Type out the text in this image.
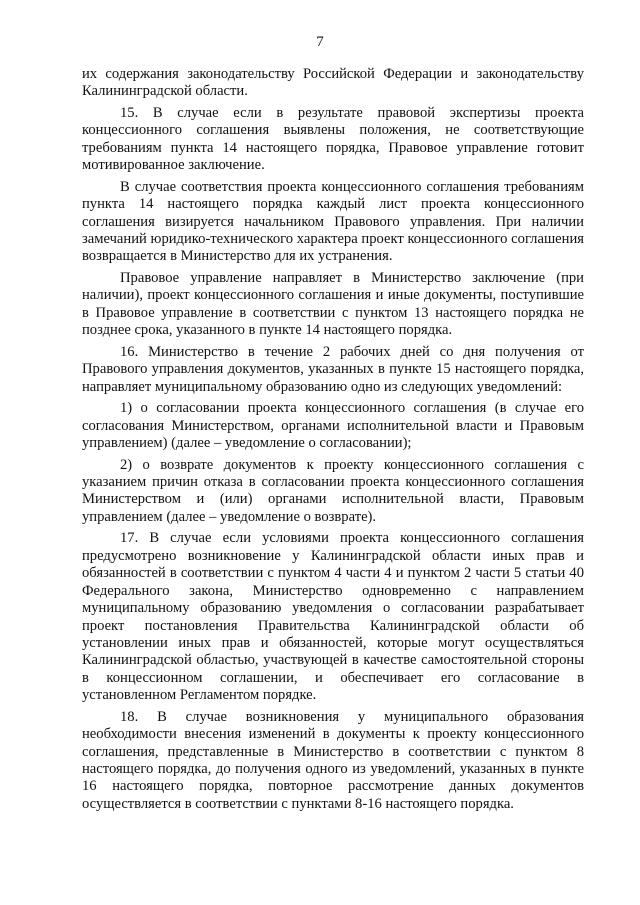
7

их содержания законодательству Российской Федерации и законодательству Калининградской области.

15. В случае если в результате правовой экспертизы проекта концессионного соглашения выявлены положения, не соответствующие требованиям пункта 14 настоящего порядка, Правовое управление готовит мотивированное заключение.

В случае соответствия проекта концессионного соглашения требованиям пункта 14 настоящего порядка каждый лист проекта концессионного соглашения визируется начальником Правового управления. При наличии замечаний юридико-технического характера проект концессионного соглашения возвращается в Министерство для их устранения.

Правовое управление направляет в Министерство заключение (при наличии), проект концессионного соглашения и иные документы, поступившие в Правовое управление в соответствии с пунктом 13 настоящего порядка не позднее срока, указанного в пункте 14 настоящего порядка.

16. Министерство в течение 2 рабочих дней со дня получения от Правового управления документов, указанных в пункте 15 настоящего порядка, направляет муниципальному образованию одно из следующих уведомлений:

1) о согласовании проекта концессионного соглашения (в случае его согласования Министерством, органами исполнительной власти и Правовым управлением) (далее – уведомление о согласовании);

2) о возврате документов к проекту концессионного соглашения с указанием причин отказа в согласовании проекта концессионного соглашения Министерством и (или) органами исполнительной власти, Правовым управлением (далее – уведомление о возврате).

17. В случае если условиями проекта концессионного соглашения предусмотрено возникновение у Калининградской области иных прав и обязанностей в соответствии с пунктом 4 части 4 и пунктом 2 части 5 статьи 40 Федерального закона, Министерство одновременно с направлением муниципальному образованию уведомления о согласовании разрабатывает проект постановления Правительства Калининградской области об установлении иных прав и обязанностей, которые могут осуществляться Калининградской областью, участвующей в качестве самостоятельной стороны в концессионном соглашении, и обеспечивает его согласование в установленном Регламентом порядке.

18. В случае возникновения у муниципального образования необходимости внесения изменений в документы к проекту концессионного соглашения, представленные в Министерство в соответствии с пунктом 8 настоящего порядка, до получения одного из уведомлений, указанных в пункте 16 настоящего порядка, повторное рассмотрение данных документов осуществляется в соответствии с пунктами 8-16 настоящего порядка.
